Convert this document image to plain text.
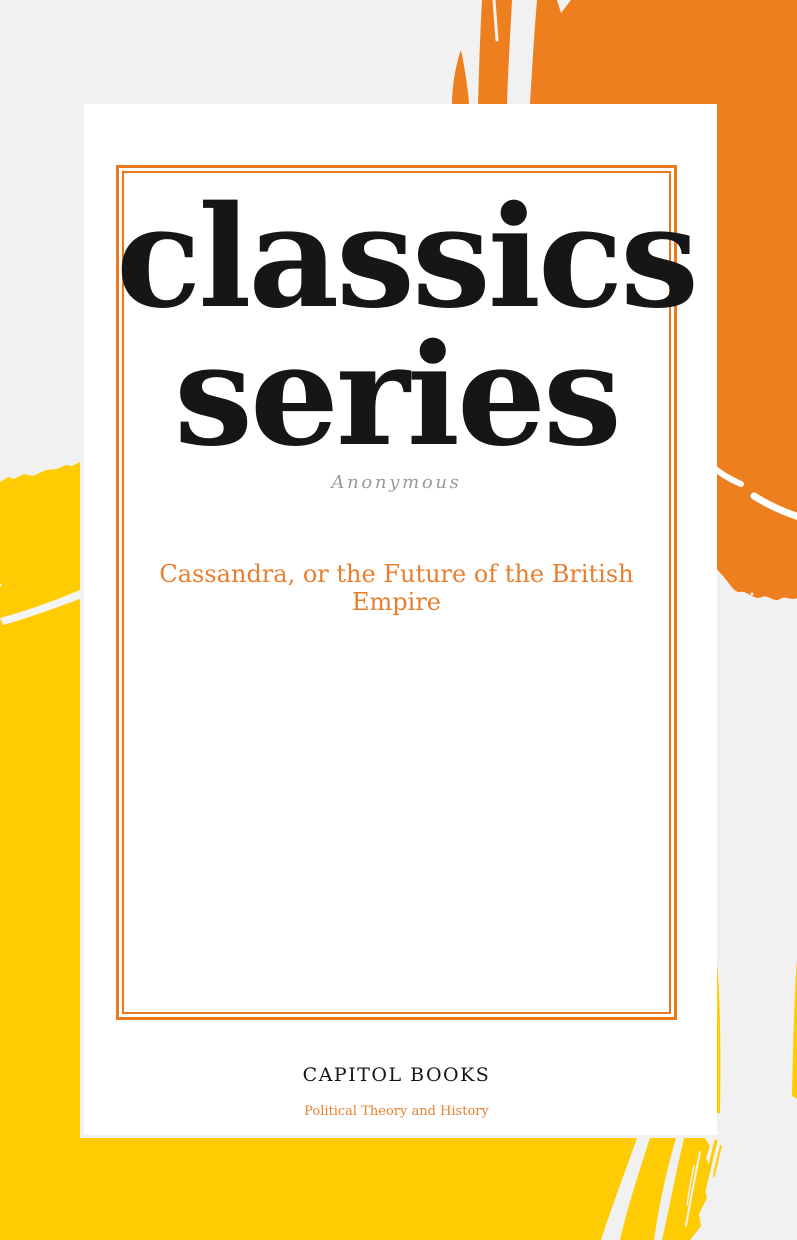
classics
series
Anonymous
Cassandra, or the Future of the British Empire
CAPITOL BOOKS
Political Theory and History
